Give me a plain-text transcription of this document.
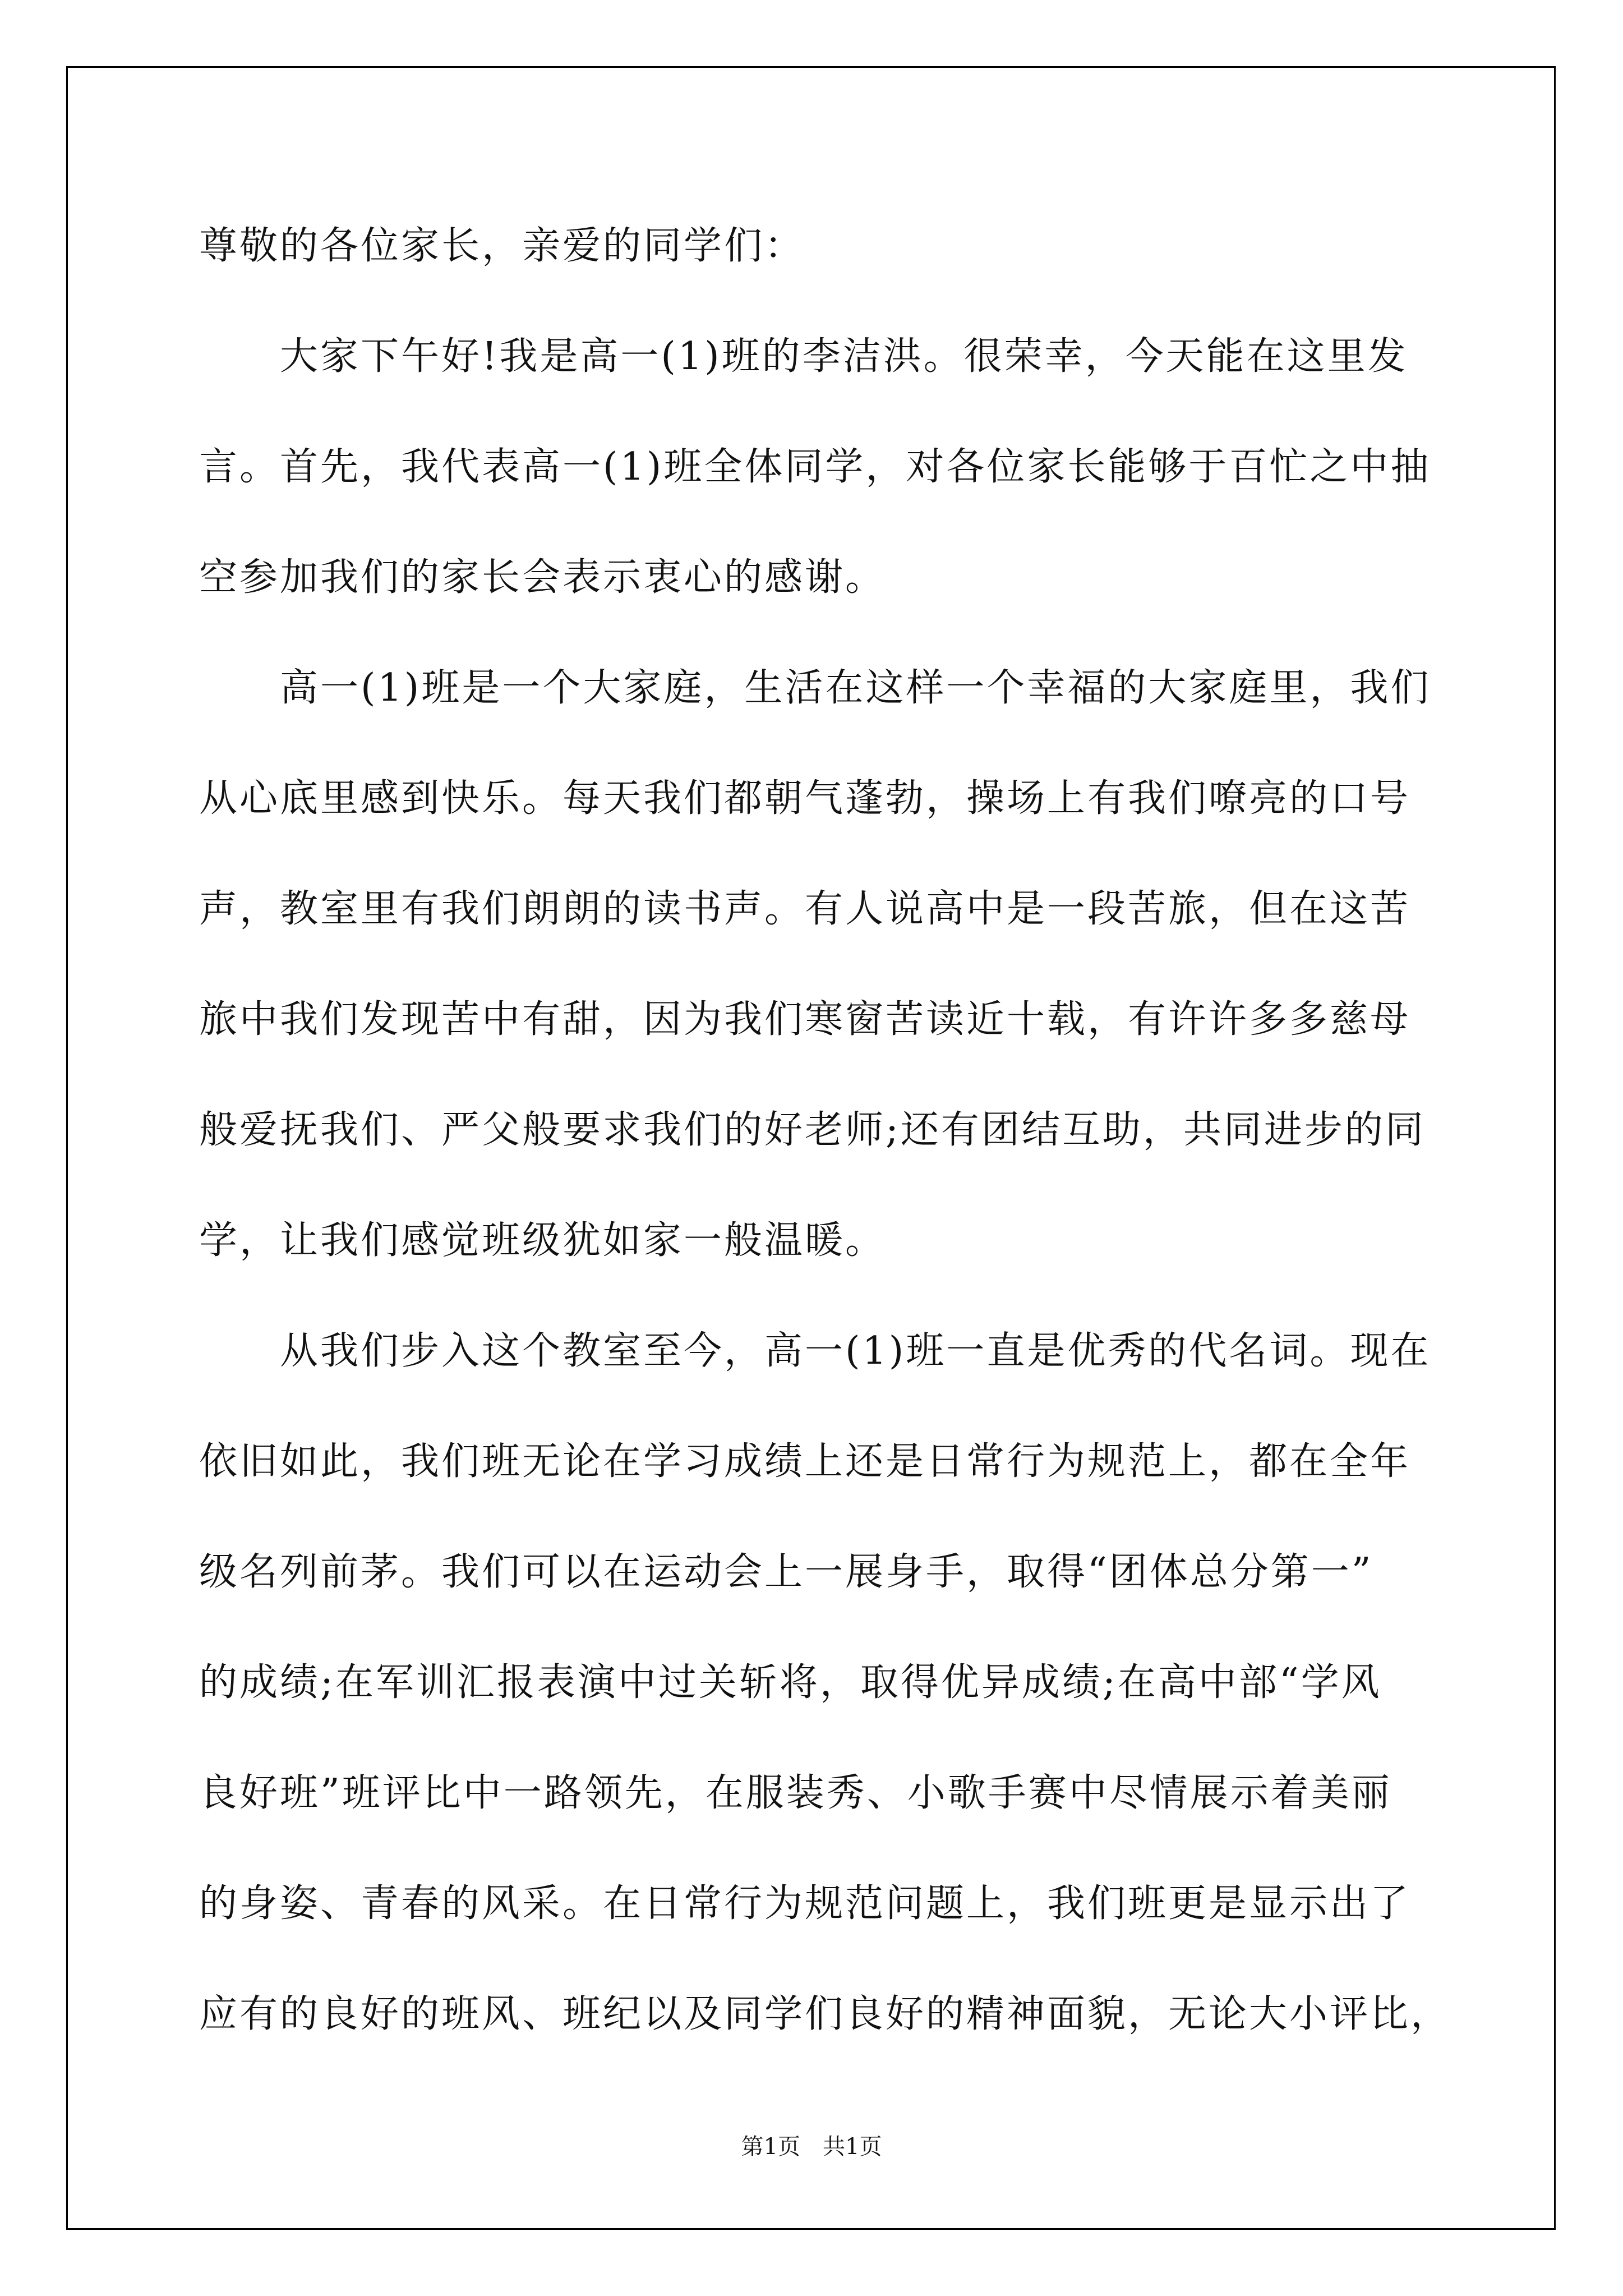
尊敬的各位家长，亲爱的同学们：
　　大家下午好!我是高一(1)班的李洁洪。很荣幸，今天能在这里发
言。首先，我代表高一(1)班全体同学，对各位家长能够于百忙之中抽
空参加我们的家长会表示衷心的感谢。
　　高一(1)班是一个大家庭，生活在这样一个幸福的大家庭里，我们
从心底里感到快乐。每天我们都朝气蓬勃，操场上有我们嘹亮的口号
声，教室里有我们朗朗的读书声。有人说高中是一段苦旅，但在这苦
旅中我们发现苦中有甜，因为我们寒窗苦读近十载，有许许多多慈母
般爱抚我们、严父般要求我们的好老师;还有团结互助，共同进步的同
学，让我们感觉班级犹如家一般温暖。
　　从我们步入这个教室至今，高一(1)班一直是优秀的代名词。现在
依旧如此，我们班无论在学习成绩上还是日常行为规范上，都在全年
级名列前茅。我们可以在运动会上一展身手，取得“团体总分第一”
的成绩;在军训汇报表演中过关斩将，取得优异成绩;在高中部“学风
良好班”班评比中一路领先，在服装秀、小歌手赛中尽情展示着美丽
的身姿、青春的风采。在日常行为规范问题上，我们班更是显示出了
应有的良好的班风、班纪以及同学们良好的精神面貌，无论大小评比，
第1页 共1页
